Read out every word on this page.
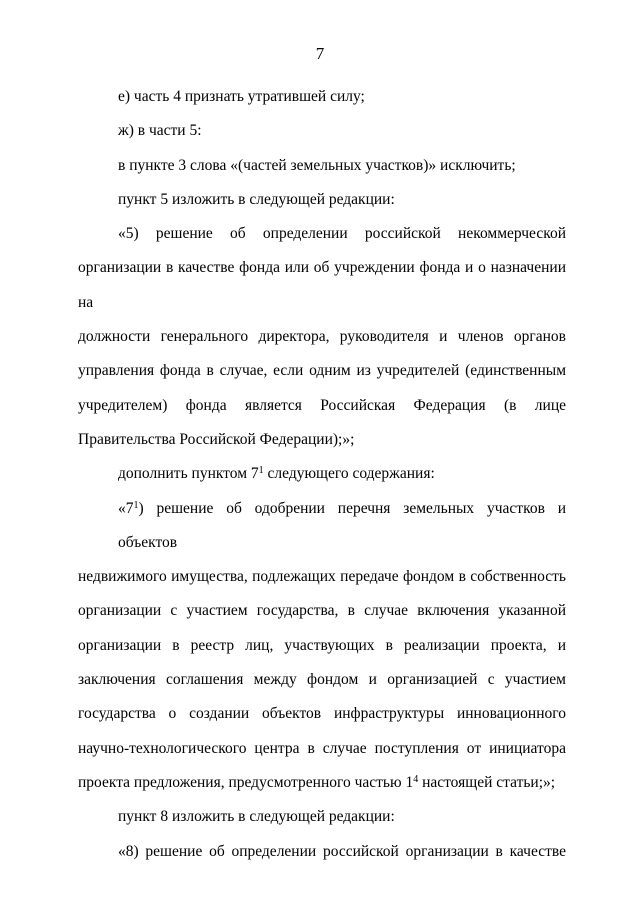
7

е) часть 4 признать утратившей силу;

ж) в части 5:

в пункте 3 слова «(частей земельных участков)» исключить;

пункт 5 изложить в следующей редакции:

«5) решение об определении российской некоммерческой

организации в качестве фонда или об учреждении фонда и о назначении на

должности генерального директора, руководителя и членов органов

управления фонда в случае, если одним из учредителей (единственным

учредителем) фонда является Российская Федерация (в лице

Правительства Российской Федерации);»;

дополнить пунктом $7^1$ следующего содержания:

«$7^1$) решение об одобрении перечня земельных участков и объектов

недвижимого имущества, подлежащих передаче фондом в собственность

организации с участием государства, в случае включения указанной

организации в реестр лиц, участвующих в реализации проекта, и

заключения соглашения между фондом и организацией с участием

государства о создании объектов инфраструктуры инновационного

научно-технологического центра в случае поступления от инициатора

проекта предложения, предусмотренного частью $1^4$ настоящей статьи;»;

пункт 8 изложить в следующей редакции:

«8) решение об определении российской организации в качестве
